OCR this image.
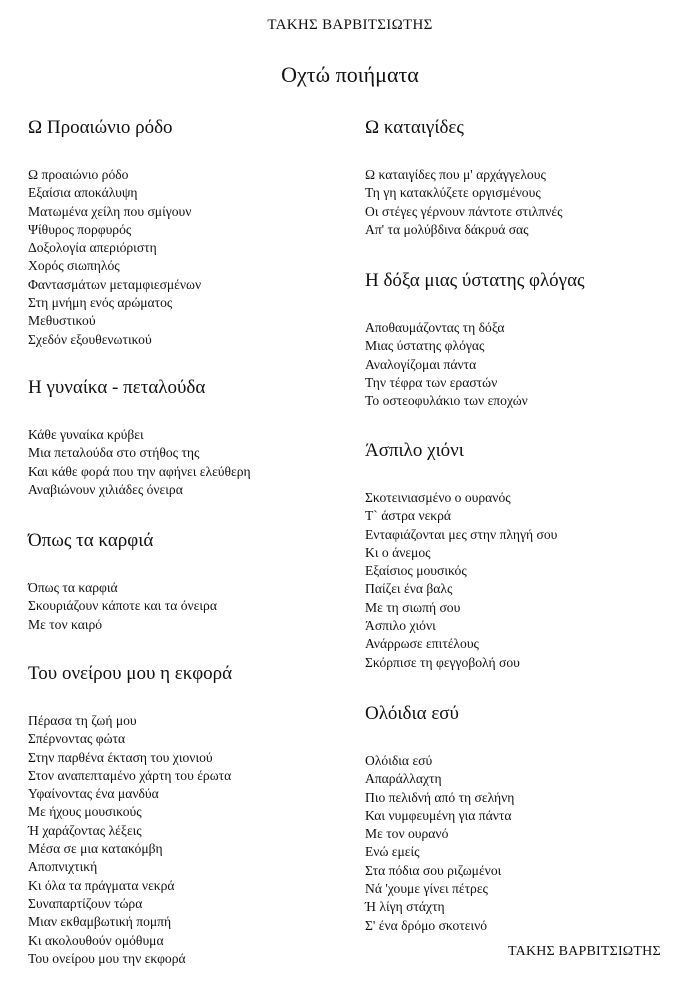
ΤΑΚΗΣ ΒΑΡΒΙΤΣΙΩΤΗΣ
Οχτώ ποιήματα
Ω Προαιώνιο ρόδο
Ω προαιώνιο ρόδο
Εξαίσια αποκάλυψη
Ματωμένα χείλη που σμίγουν
Ψίθυρος πορφυρός
Δοξολογία απεριόριστη
Χορός σιωπηλός
Φαντασμάτων μεταμφιεσμένων
Στη μνήμη ενός αρώματος
Μεθυστικού
Σχεδόν εξουθενωτικού
Η γυναίκα - πεταλούδα
Κάθε γυναίκα κρύβει
Μια πεταλούδα στο στήθος της
Και κάθε φορά που την αφήνει ελεύθερη
Αναβιώνουν χιλιάδες όνειρα
Όπως τα καρφιά
Όπως τα καρφιά
Σκουριάζουν κάποτε και τα όνειρα
Με τον καιρό
Του ονείρου μου η εκφορά
Πέρασα τη ζωή μου
Σπέρνοντας φώτα
Στην παρθένα έκταση του χιονιού
Στον αναπεπταμένο χάρτη του έρωτα
Υφαίνοντας ένα μανδύα
Με ήχους μουσικούς
Ή χαράζοντας λέξεις
Μέσα σε μια κατακόμβη
Αποπνιχτική
Κι όλα τα πράγματα νεκρά
Συναπαρτίζουν τώρα
Μιαν εκθαμβωτική πομπή
Κι ακολουθούν ομόθυμα
Του ονείρου μου την εκφορά
Ω καταιγίδες
Ω καταιγίδες που μ' αρχάγγελους
Τη γη κατακλύζετε οργισμένους
Οι στέγες γέρνουν πάντοτε στιλπνές
Απ' τα μολύβδινα δάκρυά σας
Η δόξα μιας ύστατης φλόγας
Αποθαυμάζοντας τη δόξα
Μιας ύστατης φλόγας
Αναλογίζομαι πάντα
Την τέφρα των εραστών
Το οστεοφυλάκιο των εποχών
Άσπιλο χιόνι
Σκοτεινιασμένο ο ουρανός
Τ` άστρα νεκρά
Ενταφιάζονται μες στην πληγή σου
Κι ο άνεμος
Εξαίσιος μουσικός
Παίζει ένα βαλς
Με τη σιωπή σου
Άσπιλο χιόνι
Ανάρρωσε επιτέλους
Σκόρπισε τη φεγγοβολή σου
Ολόιδια εσύ
Ολόιδια εσύ
Απαράλλαχτη
Πιο πελιδνή από τη σελήνη
Και νυμφευμένη για πάντα
Με τον ουρανό
Ενώ εμείς
Στα πόδια σου ριζωμένοι
Νά 'χουμε γίνει πέτρες
Ή λίγη στάχτη
Σ' ένα δρόμο σκοτεινό
ΤΑΚΗΣ ΒΑΡΒΙΤΣΙΩΤΗΣ
